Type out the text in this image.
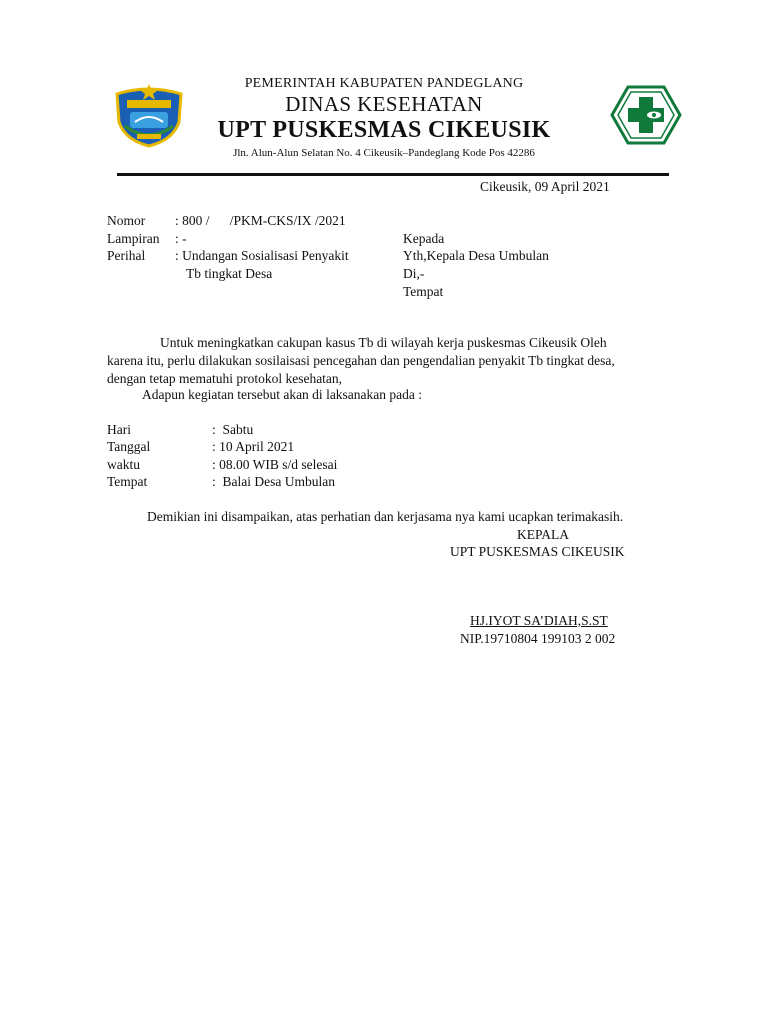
PEMERINTAH KABUPATEN PANDEGLANG
DINAS KESEHATAN
UPT PUSKESMAS CIKEUSIK
Jln. Alun-Alun Selatan No. 4 Cikeusik–Pandeglang Kode Pos 42286
Cikeusik, 09 April 2021
Nomor : 800 /      /PKM-CKS/IX /2021
Lampiran : -
Perihal : Undangan Sosialisasi Penyakit
Tb tingkat Desa
Kepada
Yth,Kepala Desa Umbulan
Di,-
Tempat
Untuk meningkatkan cakupan kasus Tb di wilayah kerja puskesmas Cikeusik Oleh
karena itu, perlu dilakukan sosilaisasi pencegahan dan pengendalian penyakit Tb tingkat desa,
dengan tetap mematuhi protokol kesehatan,
Adapun kegiatan tersebut akan di laksanakan pada :
Hari	:  Sabtu
Tanggal	: 10 April 2021
waktu	: 08.00 WIB s/d selesai
Tempat	:  Balai Desa Umbulan
Demikian ini disampaikan, atas perhatian dan kerjasama nya kami ucapkan terimakasih.
KEPALA
UPT PUSKESMAS CIKEUSIK
HJ.IYOT SA’DIAH,S.ST
NIP.19710804 199103 2 002
